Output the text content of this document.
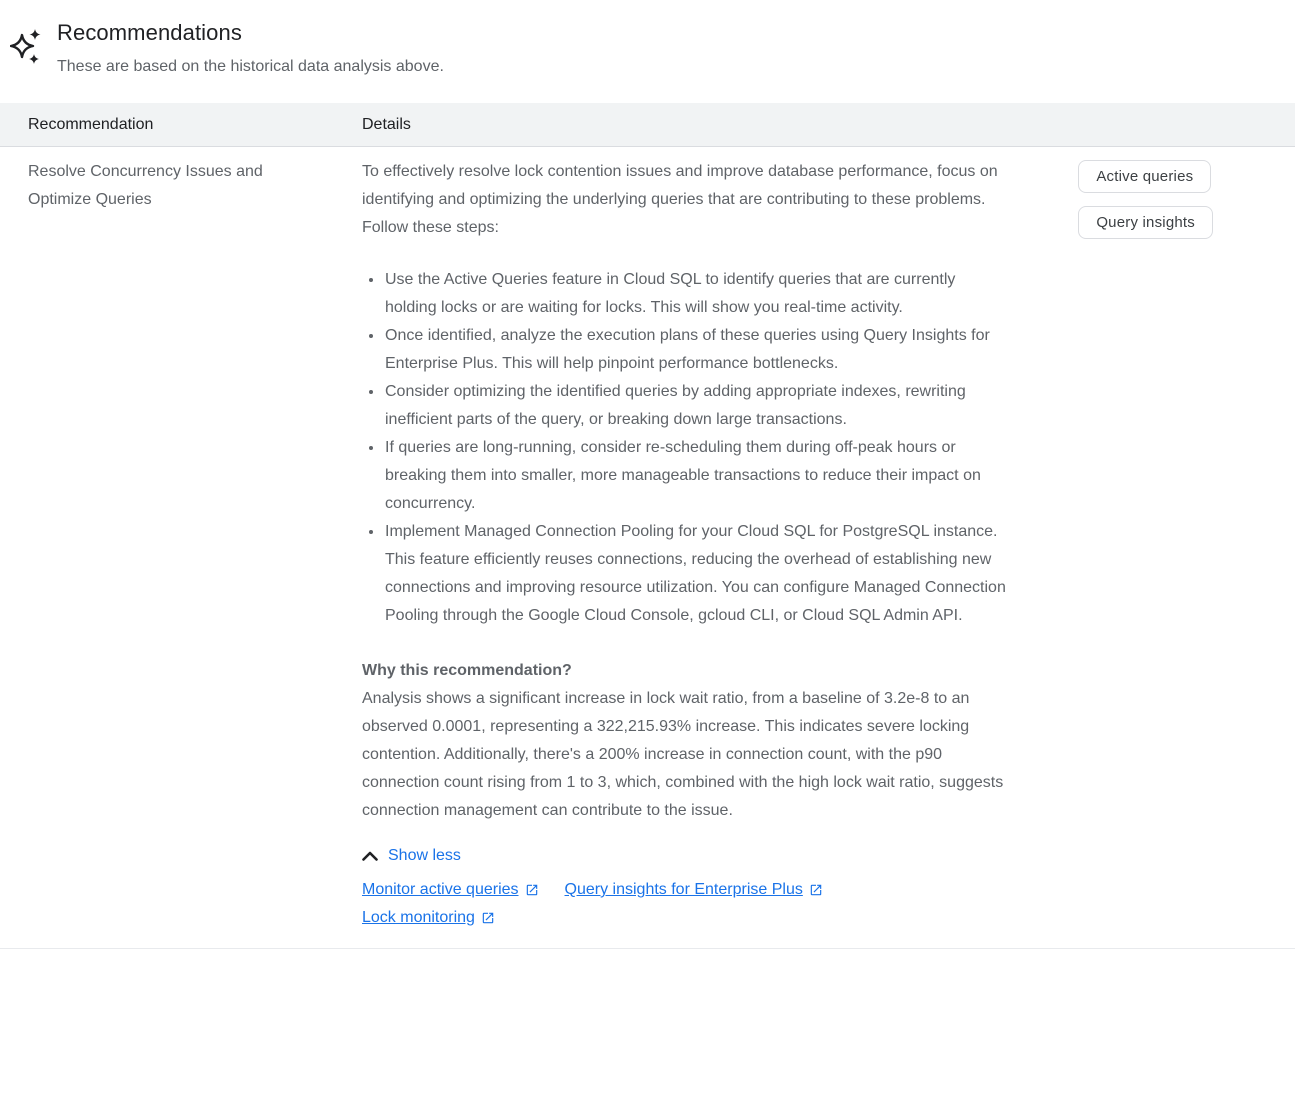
Recommendations
These are based on the historical data analysis above.
Recommendation	Details
Resolve Concurrency Issues and Optimize Queries

To effectively resolve lock contention issues and improve database performance, focus on identifying and optimizing the underlying queries that are contributing to these problems. Follow these steps:

• Use the Active Queries feature in Cloud SQL to identify queries that are currently holding locks or are waiting for locks. This will show you real-time activity.
• Once identified, analyze the execution plans of these queries using Query Insights for Enterprise Plus. This will help pinpoint performance bottlenecks.
• Consider optimizing the identified queries by adding appropriate indexes, rewriting inefficient parts of the query, or breaking down large transactions.
• If queries are long-running, consider re-scheduling them during off-peak hours or breaking them into smaller, more manageable transactions to reduce their impact on concurrency.
• Implement Managed Connection Pooling for your Cloud SQL for PostgreSQL instance. This feature efficiently reuses connections, reducing the overhead of establishing new connections and improving resource utilization. You can configure Managed Connection Pooling through the Google Cloud Console, gcloud CLI, or Cloud SQL Admin API.
Why this recommendation?

Analysis shows a significant increase in lock wait ratio, from a baseline of 3.2e-8 to an observed 0.0001, representing a 322,215.93% increase. This indicates severe locking contention. Additionally, there's a 200% increase in connection count, with the p90 connection count rising from 1 to 3, which, combined with the high lock wait ratio, suggests connection management can contribute to the issue.

Show less
Monitor active queries	Query insights for Enterprise Plus
Lock monitoring
Active queries
Query insights
